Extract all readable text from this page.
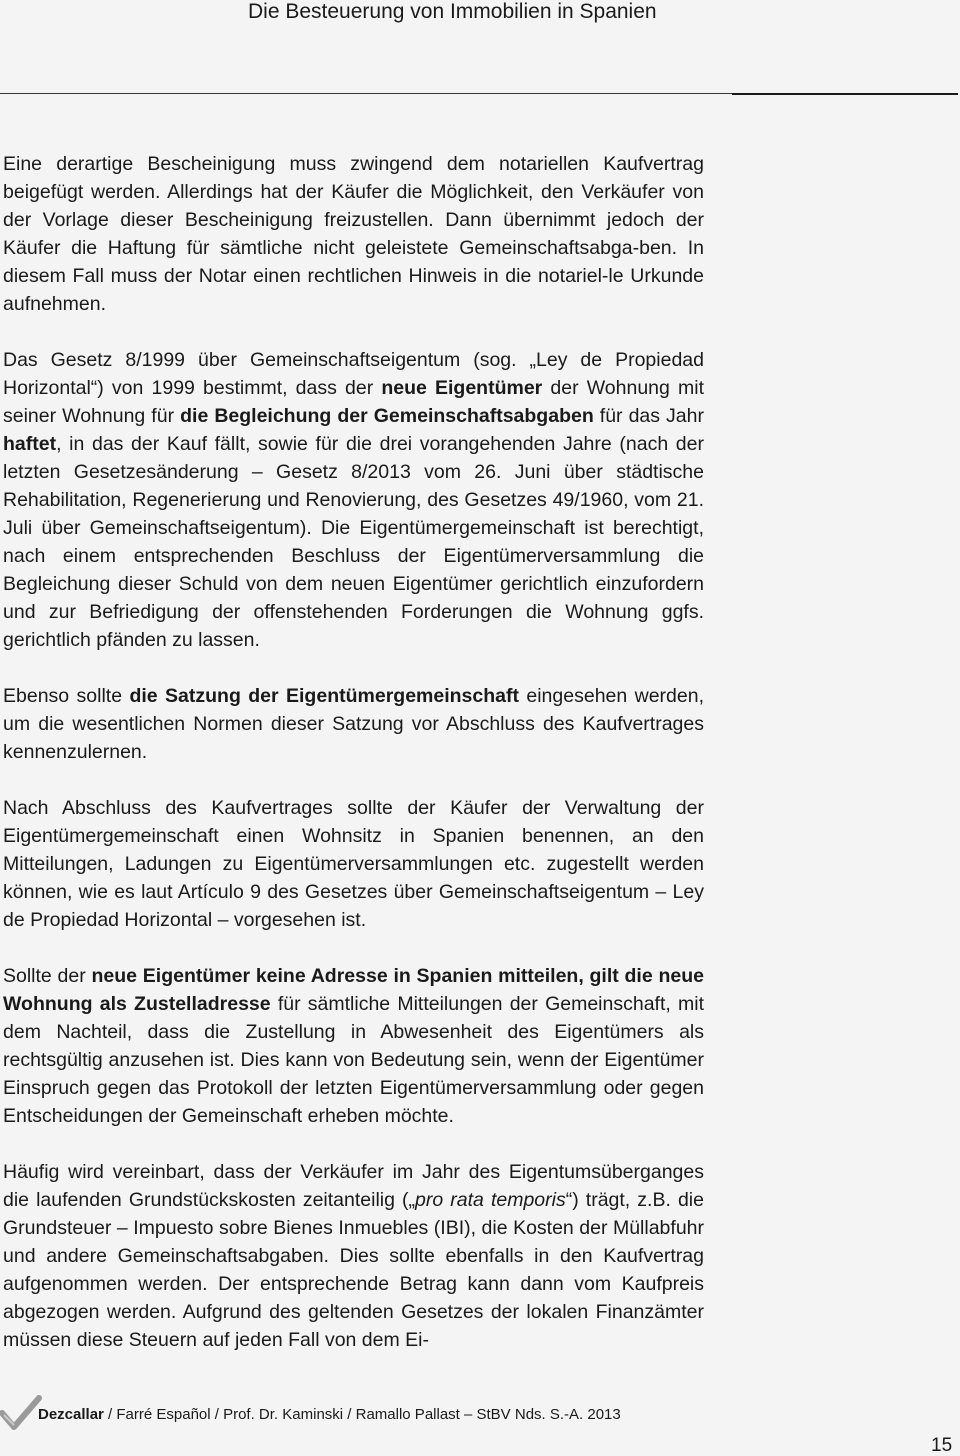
Die Besteuerung von Immobilien in Spanien

Eine derartige Bescheinigung muss zwingend dem notariellen Kaufvertrag beigefügt werden. Allerdings hat der Käufer die Möglichkeit, den Verkäufer von der Vorlage dieser Bescheinigung freizustellen. Dann übernimmt jedoch der Käufer die Haftung für sämtliche nicht geleistete Gemeinschaftsabga-ben. In diesem Fall muss der Notar einen rechtlichen Hinweis in die notariel-le Urkunde aufnehmen.

Das Gesetz 8/1999 über Gemeinschaftseigentum (sog. „Ley de Propiedad Horizontal“) von 1999 bestimmt, dass der neue Eigentümer der Wohnung mit seiner Wohnung für die Begleichung der Gemeinschaftsabgaben für das Jahr haftet, in das der Kauf fällt, sowie für die drei vorangehenden Jahre (nach der letzten Gesetzesänderung – Gesetz 8/2013 vom 26. Juni über städtische Rehabilitation, Regenerierung und Renovierung, des Gesetzes 49/1960, vom 21. Juli über Gemeinschaftseigentum). Die Eigentümergemeinschaft ist berechtigt, nach einem entsprechenden Beschluss der Eigentümerversammlung die Begleichung dieser Schuld von dem neuen Eigentümer gerichtlich einzufordern und zur Befriedigung der offenstehenden Forderungen die Wohnung ggfs. gerichtlich pfänden zu lassen.

Ebenso sollte die Satzung der Eigentümergemeinschaft eingesehen werden, um die wesentlichen Normen dieser Satzung vor Abschluss des Kaufvertrages kennenzulernen.

Nach Abschluss des Kaufvertrages sollte der Käufer der Verwaltung der Eigentümergemeinschaft einen Wohnsitz in Spanien benennen, an den Mitteilungen, Ladungen zu Eigentümerversammlungen etc. zugestellt werden können, wie es laut Artículo 9 des Gesetzes über Gemeinschaftseigentum – Ley de Propiedad Horizontal – vorgesehen ist.

Sollte der neue Eigentümer keine Adresse in Spanien mitteilen, gilt die neue Wohnung als Zustelladresse für sämtliche Mitteilungen der Gemeinschaft, mit dem Nachteil, dass die Zustellung in Abwesenheit des Eigentümers als rechtsgültig anzusehen ist. Dies kann von Bedeutung sein, wenn der Eigentümer Einspruch gegen das Protokoll der letzten Eigentümerversammlung oder gegen Entscheidungen der Gemeinschaft erheben möchte.

Häufig wird vereinbart, dass der Verkäufer im Jahr des Eigentumsüberganges die laufenden Grundstückskosten zeitanteilig („pro rata temporis“) trägt, z.B. die Grundsteuer – Impuesto sobre Bienes Inmuebles (IBI), die Kosten der Müllabfuhr und andere Gemeinschaftsabgaben. Dies sollte ebenfalls in den Kaufvertrag aufgenommen werden. Der entsprechende Betrag kann dann vom Kaufpreis abgezogen werden. Aufgrund des geltenden Gesetzes der lokalen Finanzämter müssen diese Steuern auf jeden Fall von dem Ei-

Dezcallar / Farré Español / Prof. Dr. Kaminski / Ramallo Pallast – StBV Nds. S.-A. 2013
15
